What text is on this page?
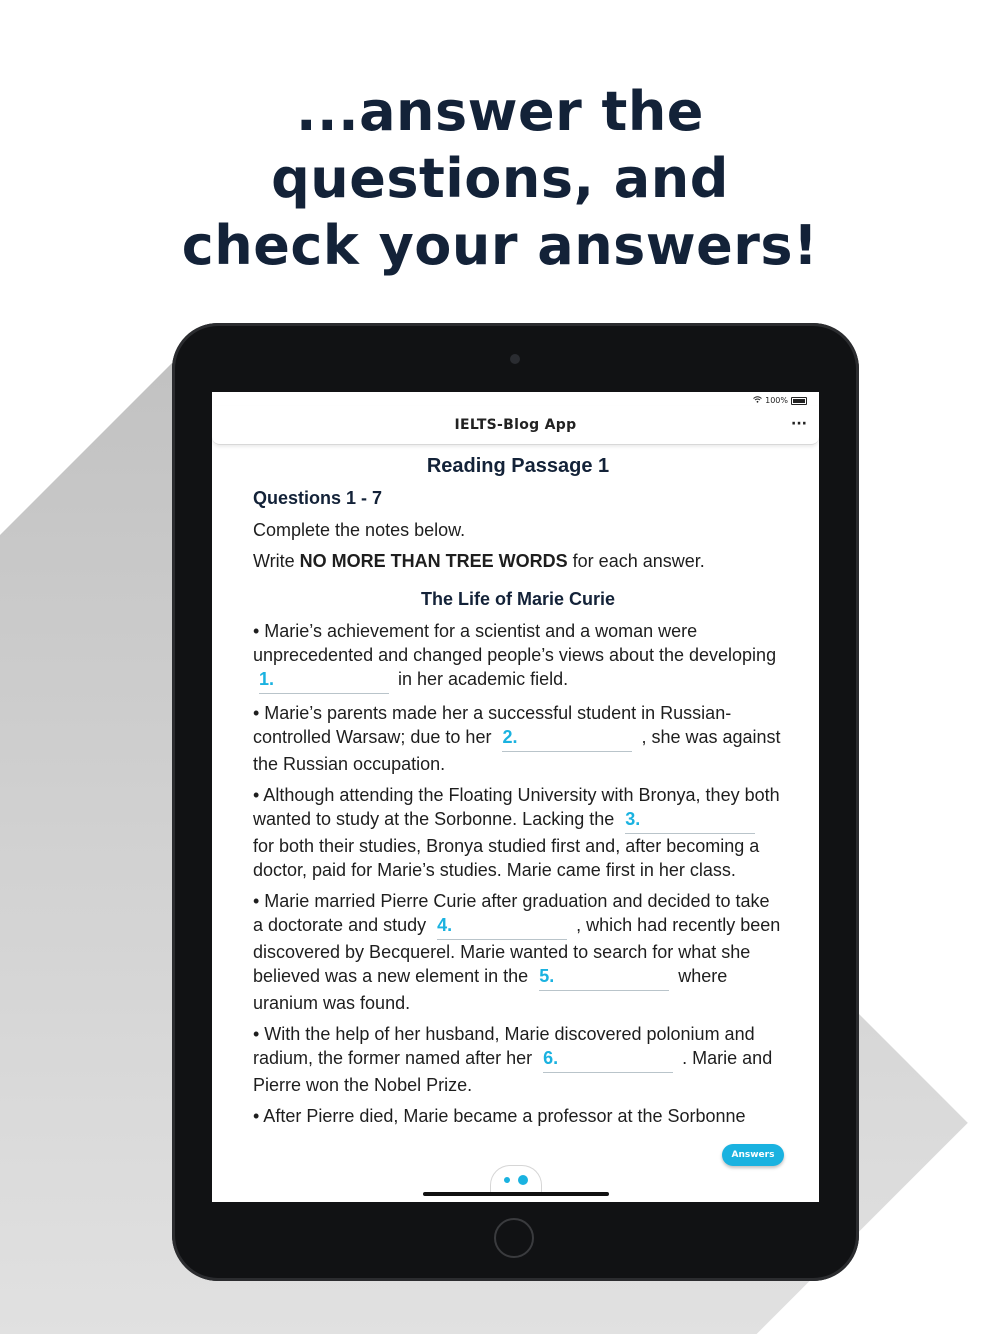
...answer the
questions, and
check your answers!
100%
IELTS-Blog App	···
Reading Passage 1
Questions 1 - 7
Complete the notes below.
Write NO MORE THAN TREE WORDS for each answer.
The Life of Marie Curie
• Marie’s achievement for a scientist and a woman were unprecedented and changed people’s views about the developing 1.	in her academic field.
• Marie’s parents made her a successful student in Russian-controlled Warsaw; due to her 2.	, she was against the Russian occupation.
• Although attending the Floating University with Bronya, they both wanted to study at the Sorbonne. Lacking the 3. for both their studies, Bronya studied first and, after becoming a doctor, paid for Marie’s studies. Marie came first in her class.
• Marie married Pierre Curie after graduation and decided to take a doctorate and study 4.	, which had recently been discovered by Becquerel. Marie wanted to search for what she believed was a new element in the 5.	where uranium was found.
• With the help of her husband, Marie discovered polonium and radium, the former named after her 6.	. Marie and Pierre won the Nobel Prize.
• After Pierre died, Marie became a professor at the Sorbonne
Answers
